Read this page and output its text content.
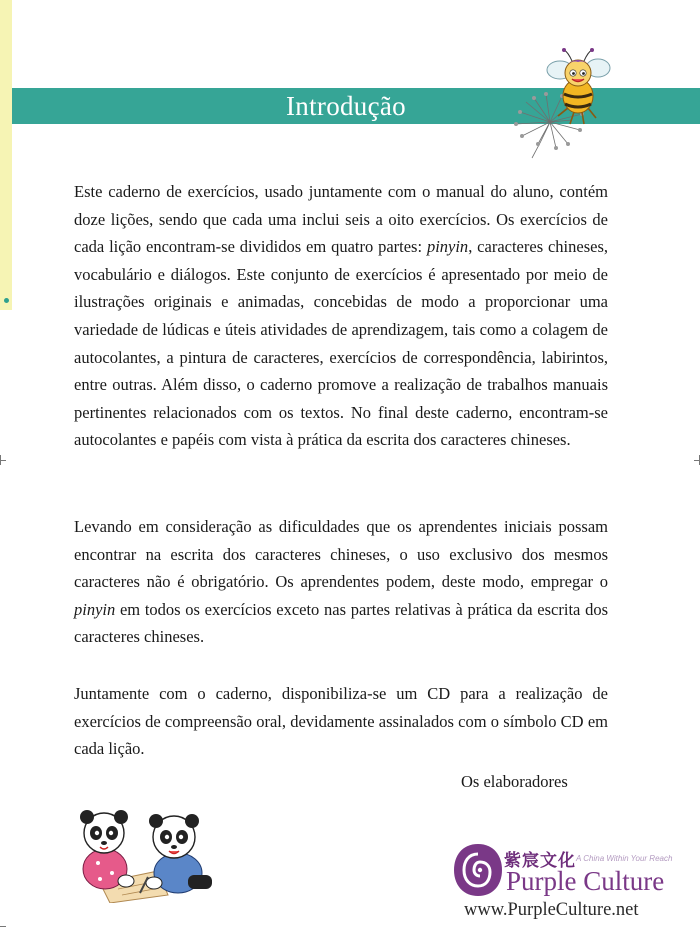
Introdução

Este caderno de exercícios, usado juntamente com o manual do aluno, contém doze lições, sendo que cada uma inclui seis a oito exercícios. Os exercícios de cada lição encontram-se divididos em quatro partes: pinyin, caracteres chineses, vocabulário e diálogos. Este conjunto de exercícios é apresentado por meio de ilustrações originais e animadas, concebidas de modo a proporcionar uma variedade de lúdicas e úteis atividades de aprendizagem, tais como a colagem de autocolantes, a pintura de caracteres, exercícios de correspondência, labirintos, entre outras. Além disso, o caderno promove a realização de trabalhos manuais pertinentes relacionados com os textos. No final deste caderno, encontram-se autocolantes e papéis com vista à prática da escrita dos caracteres chineses.

Levando em consideração as dificuldades que os aprendentes iniciais possam encontrar na escrita dos caracteres chineses, o uso exclusivo dos mesmos caracteres não é obrigatório. Os aprendentes podem, deste modo, empregar o pinyin em todos os exercícios exceto nas partes relativas à prática da escrita dos caracteres chineses.

Juntamente com o caderno, disponibiliza-se um CD para a realização de exercícios de compreensão oral, devidamente assinalados com o símbolo CD em cada lição.

Os elaboradores
紫宸文化 A China Within Your Reach
Purple Culture
www.PurpleCulture.net
